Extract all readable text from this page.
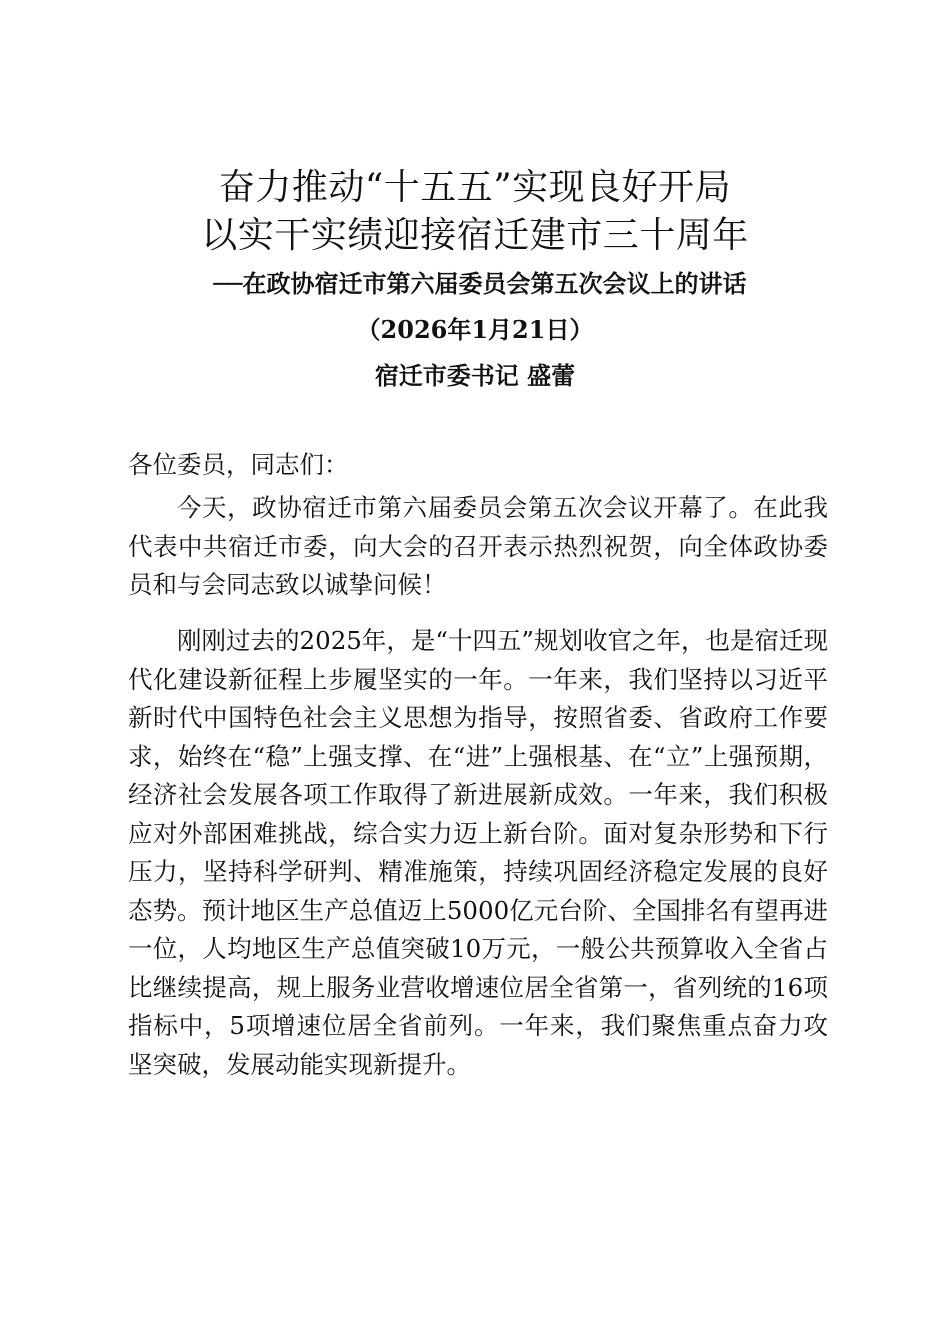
奋力推动“十五五”实现良好开局
以实干实绩迎接宿迁建市三十周年

──在政协宿迁市第六届委员会第五次会议上的讲话

（2026年1月21日）

宿迁市委书记 盛蕾

各位委员，同志们：

今天，政协宿迁市第六届委员会第五次会议开幕了。在此我代表中共宿迁市委，向大会的召开表示热烈祝贺，向全体政协委员和与会同志致以诚挚问候！

刚刚过去的2025年，是“十四五”规划收官之年，也是宿迁现代化建设新征程上步履坚实的一年。一年来，我们坚持以习近平新时代中国特色社会主义思想为指导，按照省委、省政府工作要求，始终在“稳”上强支撑、在“进”上强根基、在“立”上强预期，经济社会发展各项工作取得了新进展新成效。一年来，我们积极应对外部困难挑战，综合实力迈上新台阶。面对复杂形势和下行压力，坚持科学研判、精准施策，持续巩固经济稳定发展的良好态势。预计地区生产总值迈上5000亿元台阶、全国排名有望再进一位，人均地区生产总值突破10万元，一般公共预算收入全省占比继续提高，规上服务业营收增速位居全省第一，省列统的16项指标中，5项增速位居全省前列。一年来，我们聚焦重点奋力攻坚突破，发展动能实现新提升。
